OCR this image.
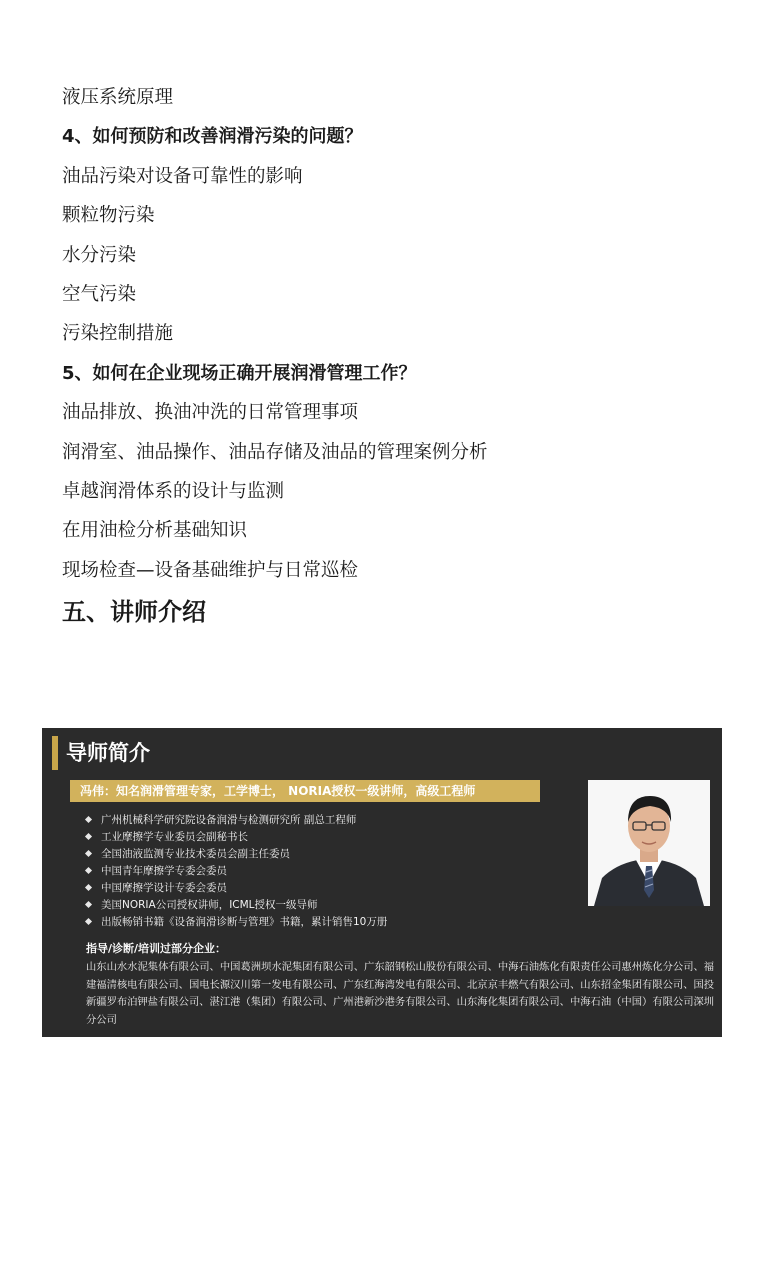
液压系统原理
4、如何预防和改善润滑污染的问题？
油品污染对设备可靠性的影响
颗粒物污染
水分污染
空气污染
污染控制措施
5、如何在企业现场正确开展润滑管理工作？
油品排放、换油冲洗的日常管理事项
润滑室、油品操作、油品存储及油品的管理案例分析
卓越润滑体系的设计与监测
在用油检分析基础知识
现场检查—设备基础维护与日常巡检
五、讲师介绍
导师简介
冯伟：知名润滑管理专家，工学博士， NORIA授权一级讲师，高级工程师
广州机械科学研究院设备润滑与检测研究所 副总工程师
工业摩擦学专业委员会副秘书长
全国油液监测专业技术委员会副主任委员
中国青年摩擦学专委会委员
中国摩擦学设计专委会委员
美国NORIA公司授权讲师，ICML授权一级导师
出版畅销书籍《设备润滑诊断与管理》书籍，累计销售10万册
指导/诊断/培训过部分企业：
山东山水水泥集体有限公司、中国葛洲坝水泥集团有限公司、广东韶钢松山股份有限公司、中海石油炼化有限责任公司惠州炼化分公司、福建福清核电有限公司、国电长源汉川第一发电有限公司、广东红海湾发电有限公司、北京京丰燃气有限公司、山东招金集团有限公司、国投新疆罗布泊钾盐有限公司、湛江港（集团）有限公司、广州港新沙港务有限公司、山东海化集团有限公司、中海石油（中国）有限公司深圳分公司
